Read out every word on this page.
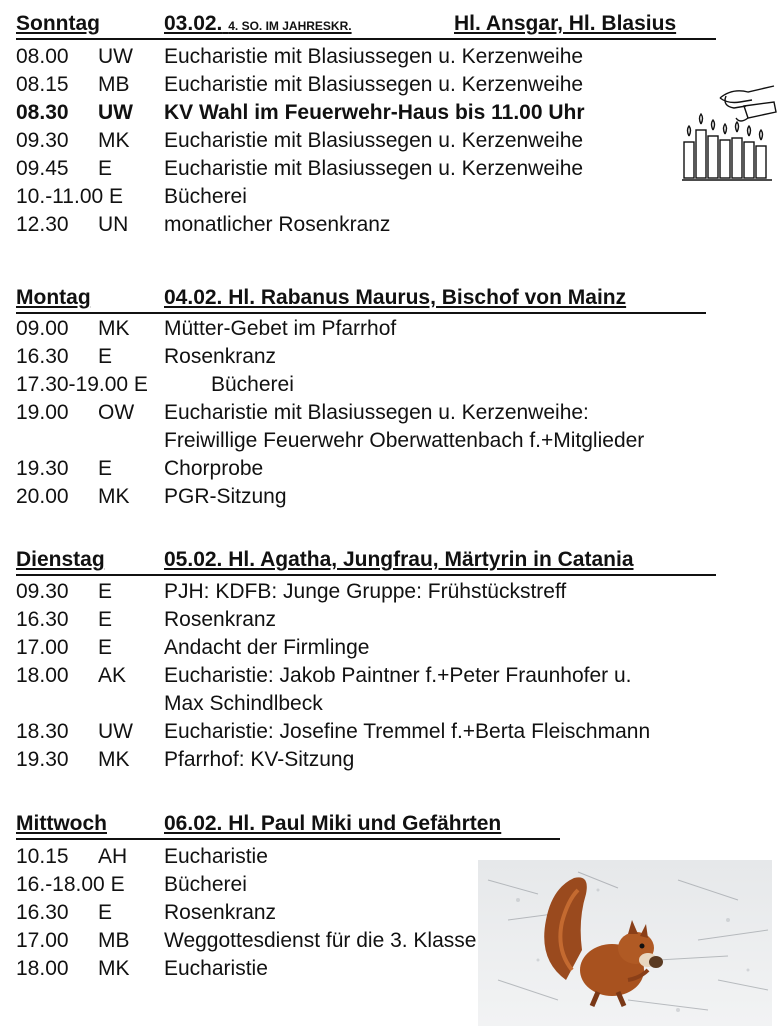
Sonntag	03.02. 4. SO. IM JAHRESKR.	Hl. Ansgar, Hl. Blasius
08.00 UW Eucharistie mit Blasiussegen u. Kerzenweihe
08.15 MB Eucharistie mit Blasiussegen u. Kerzenweihe
08.30 UW KV Wahl im Feuerwehr-Haus bis 11.00 Uhr
09.30 MK Eucharistie mit Blasiussegen u. Kerzenweihe
09.45 E Eucharistie mit Blasiussegen u. Kerzenweihe
10.-11.00 E Bücherei
12.30 UN monatlicher Rosenkranz
Montag	04.02. Hl. Rabanus Maurus, Bischof von Mainz
09.00 MK Mütter-Gebet im Pfarrhof
16.30 E Rosenkranz
17.30-19.00 E	Bücherei
19.00 OW Eucharistie mit Blasiussegen u. Kerzenweihe:
Freiwillige Feuerwehr Oberwattenbach f.+Mitglieder
19.30 E Chorprobe
20.00 MK PGR-Sitzung
Dienstag	05.02. Hl. Agatha, Jungfrau, Märtyrin in Catania
09.30 E PJH: KDFB: Junge Gruppe: Frühstückstreff
16.30 E Rosenkranz
17.00 E Andacht der Firmlinge
18.00 AK Eucharistie: Jakob Paintner f.+Peter Fraunhofer u.
Max Schindlbeck
18.30 UW Eucharistie: Josefine Tremmel f.+Berta Fleischmann
19.30 MK Pfarrhof: KV-Sitzung
Mittwoch	06.02. Hl. Paul Miki und Gefährten
10.15 AH Eucharistie
16.-18.00 E Bücherei
16.30 E Rosenkranz
17.00 MB Weggottesdienst für die 3. Klasse
18.00 MK Eucharistie
